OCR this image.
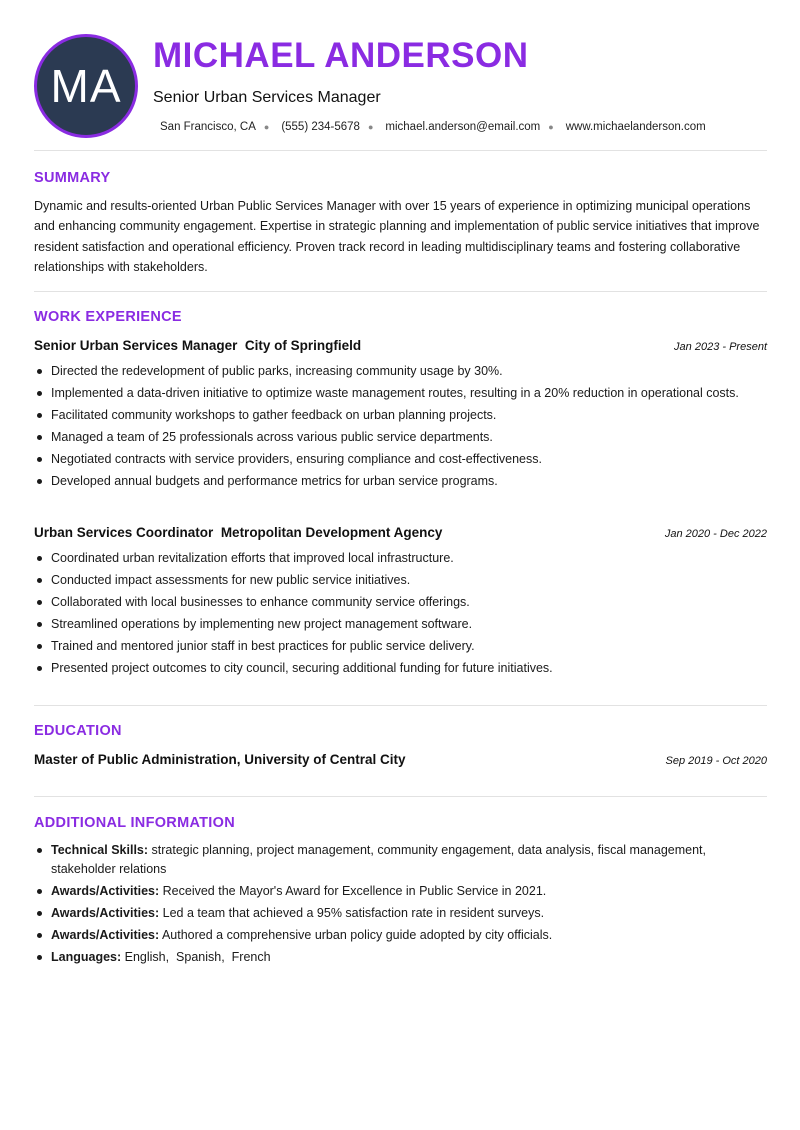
MA
MICHAEL ANDERSON
Senior Urban Services Manager
San Francisco, CA ● (555) 234-5678 ● michael.anderson@email.com ● www.michaelanderson.com
SUMMARY
Dynamic and results-oriented Urban Public Services Manager with over 15 years of experience in optimizing municipal operations and enhancing community engagement. Expertise in strategic planning and implementation of public service initiatives that improve resident satisfaction and operational efficiency. Proven track record in leading multidisciplinary teams and fostering collaborative relationships with stakeholders.
WORK EXPERIENCE
Senior Urban Services Manager City of Springfield	Jan 2023 - Present
Directed the redevelopment of public parks, increasing community usage by 30%.
Implemented a data-driven initiative to optimize waste management routes, resulting in a 20% reduction in operational costs.
Facilitated community workshops to gather feedback on urban planning projects.
Managed a team of 25 professionals across various public service departments.
Negotiated contracts with service providers, ensuring compliance and cost-effectiveness.
Developed annual budgets and performance metrics for urban service programs.
Urban Services Coordinator Metropolitan Development Agency	Jan 2020 - Dec 2022
Coordinated urban revitalization efforts that improved local infrastructure.
Conducted impact assessments for new public service initiatives.
Collaborated with local businesses to enhance community service offerings.
Streamlined operations by implementing new project management software.
Trained and mentored junior staff in best practices for public service delivery.
Presented project outcomes to city council, securing additional funding for future initiatives.
EDUCATION
Master of Public Administration, University of Central City	Sep 2019 - Oct 2020
ADDITIONAL INFORMATION
Technical Skills: strategic planning, project management, community engagement, data analysis, fiscal management, stakeholder relations
Awards/Activities: Received the Mayor's Award for Excellence in Public Service in 2021.
Awards/Activities: Led a team that achieved a 95% satisfaction rate in resident surveys.
Awards/Activities: Authored a comprehensive urban policy guide adopted by city officials.
Languages: English,  Spanish,  French
